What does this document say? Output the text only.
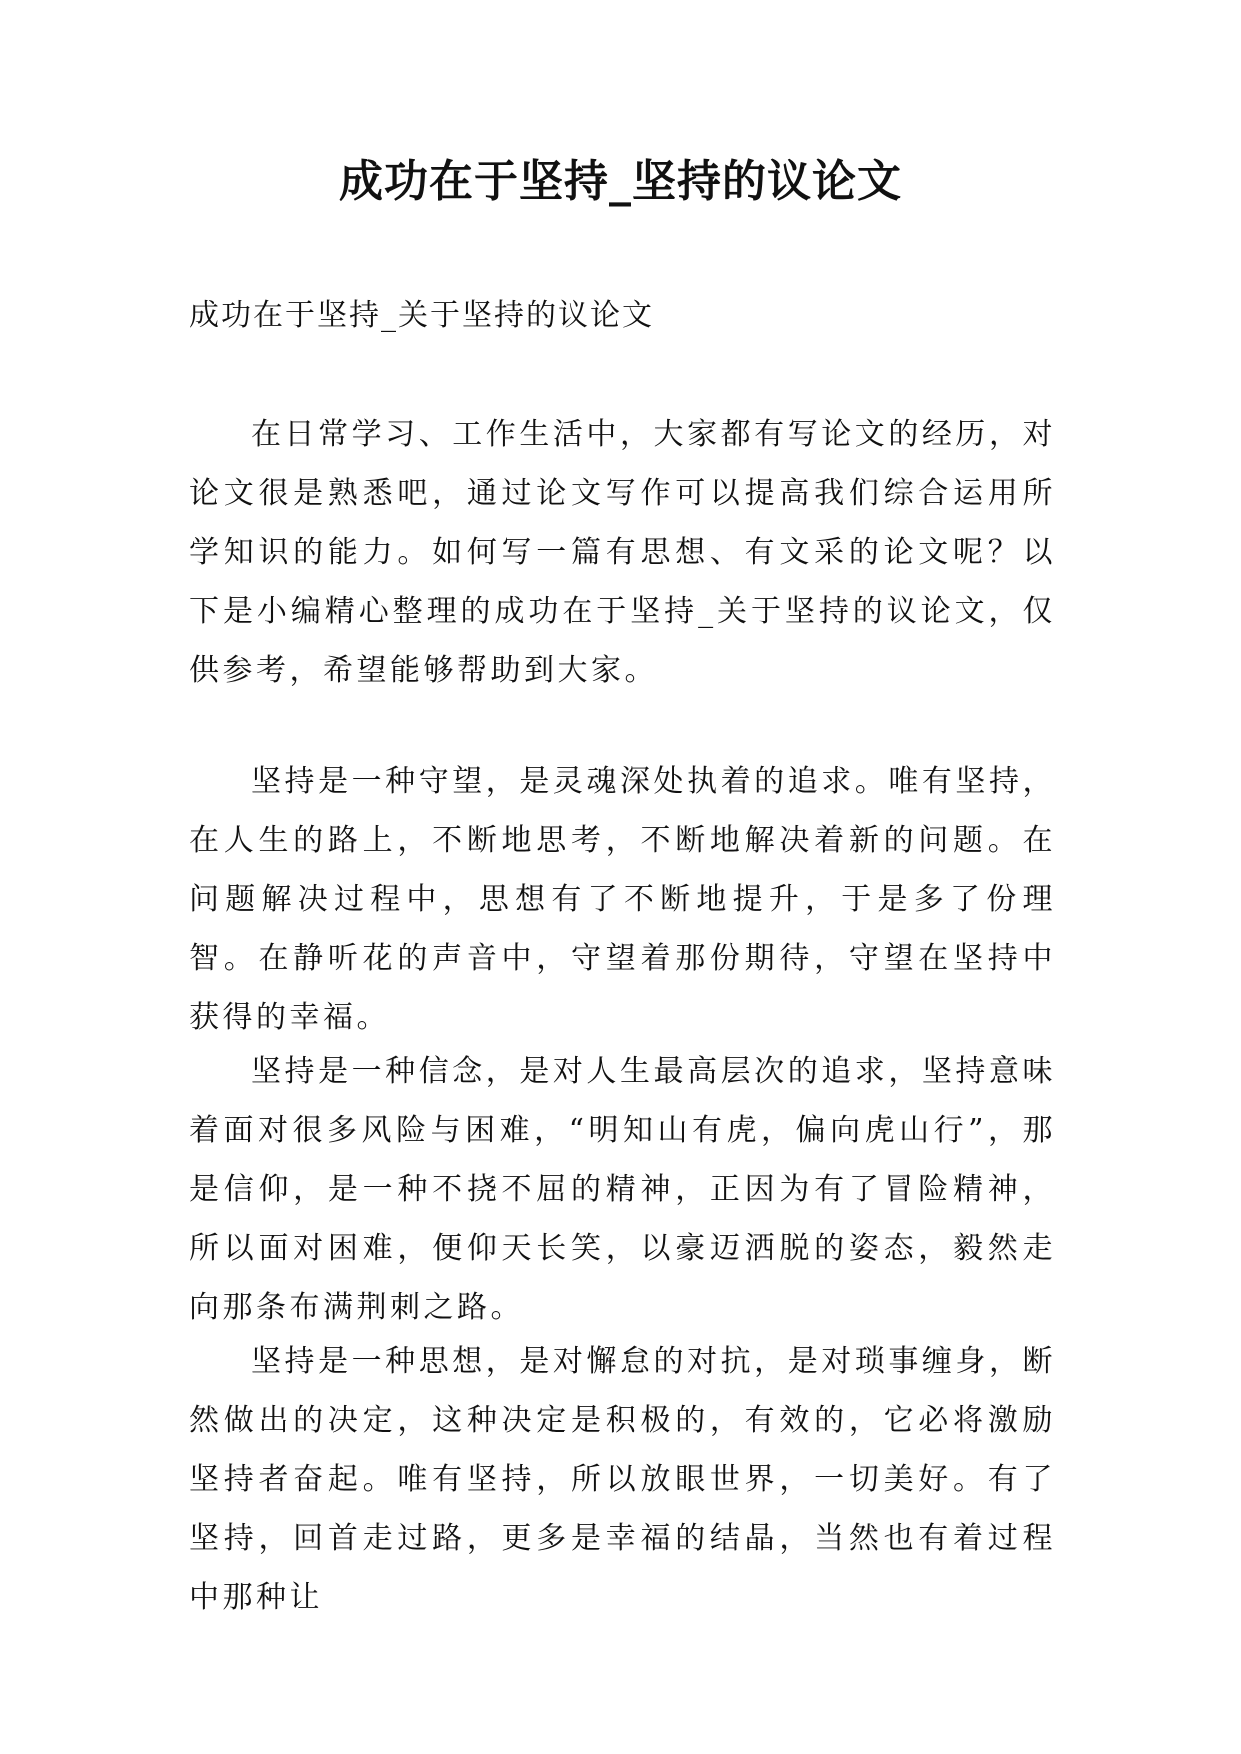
成功在于坚持_坚持的议论文

成功在于坚持_关于坚持的议论文

在日常学习、工作生活中，大家都有写论文的经历，对论文很是熟悉吧，通过论文写作可以提高我们综合运用所学知识的能力。如何写一篇有思想、有文采的论文呢？以下是小编精心整理的成功在于坚持_关于坚持的议论文，仅供参考，希望能够帮助到大家。

坚持是一种守望，是灵魂深处执着的追求。唯有坚持，在人生的路上，不断地思考，不断地解决着新的问题。在问题解决过程中，思想有了不断地提升，于是多了份理智。在静听花的声音中，守望着那份期待，守望在坚持中获得的幸福。

坚持是一种信念，是对人生最高层次的追求，坚持意味着面对很多风险与困难，“明知山有虎，偏向虎山行”，那是信仰，是一种不挠不屈的精神，正因为有了冒险精神，所以面对困难，便仰天长笑，以豪迈洒脱的姿态，毅然走向那条布满荆刺之路。

坚持是一种思想，是对懈怠的对抗，是对琐事缠身，断然做出的决定，这种决定是积极的，有效的，它必将激励坚持者奋起。唯有坚持，所以放眼世界，一切美好。有了坚持，回首走过路，更多是幸福的结晶，当然也有着过程中那种让
